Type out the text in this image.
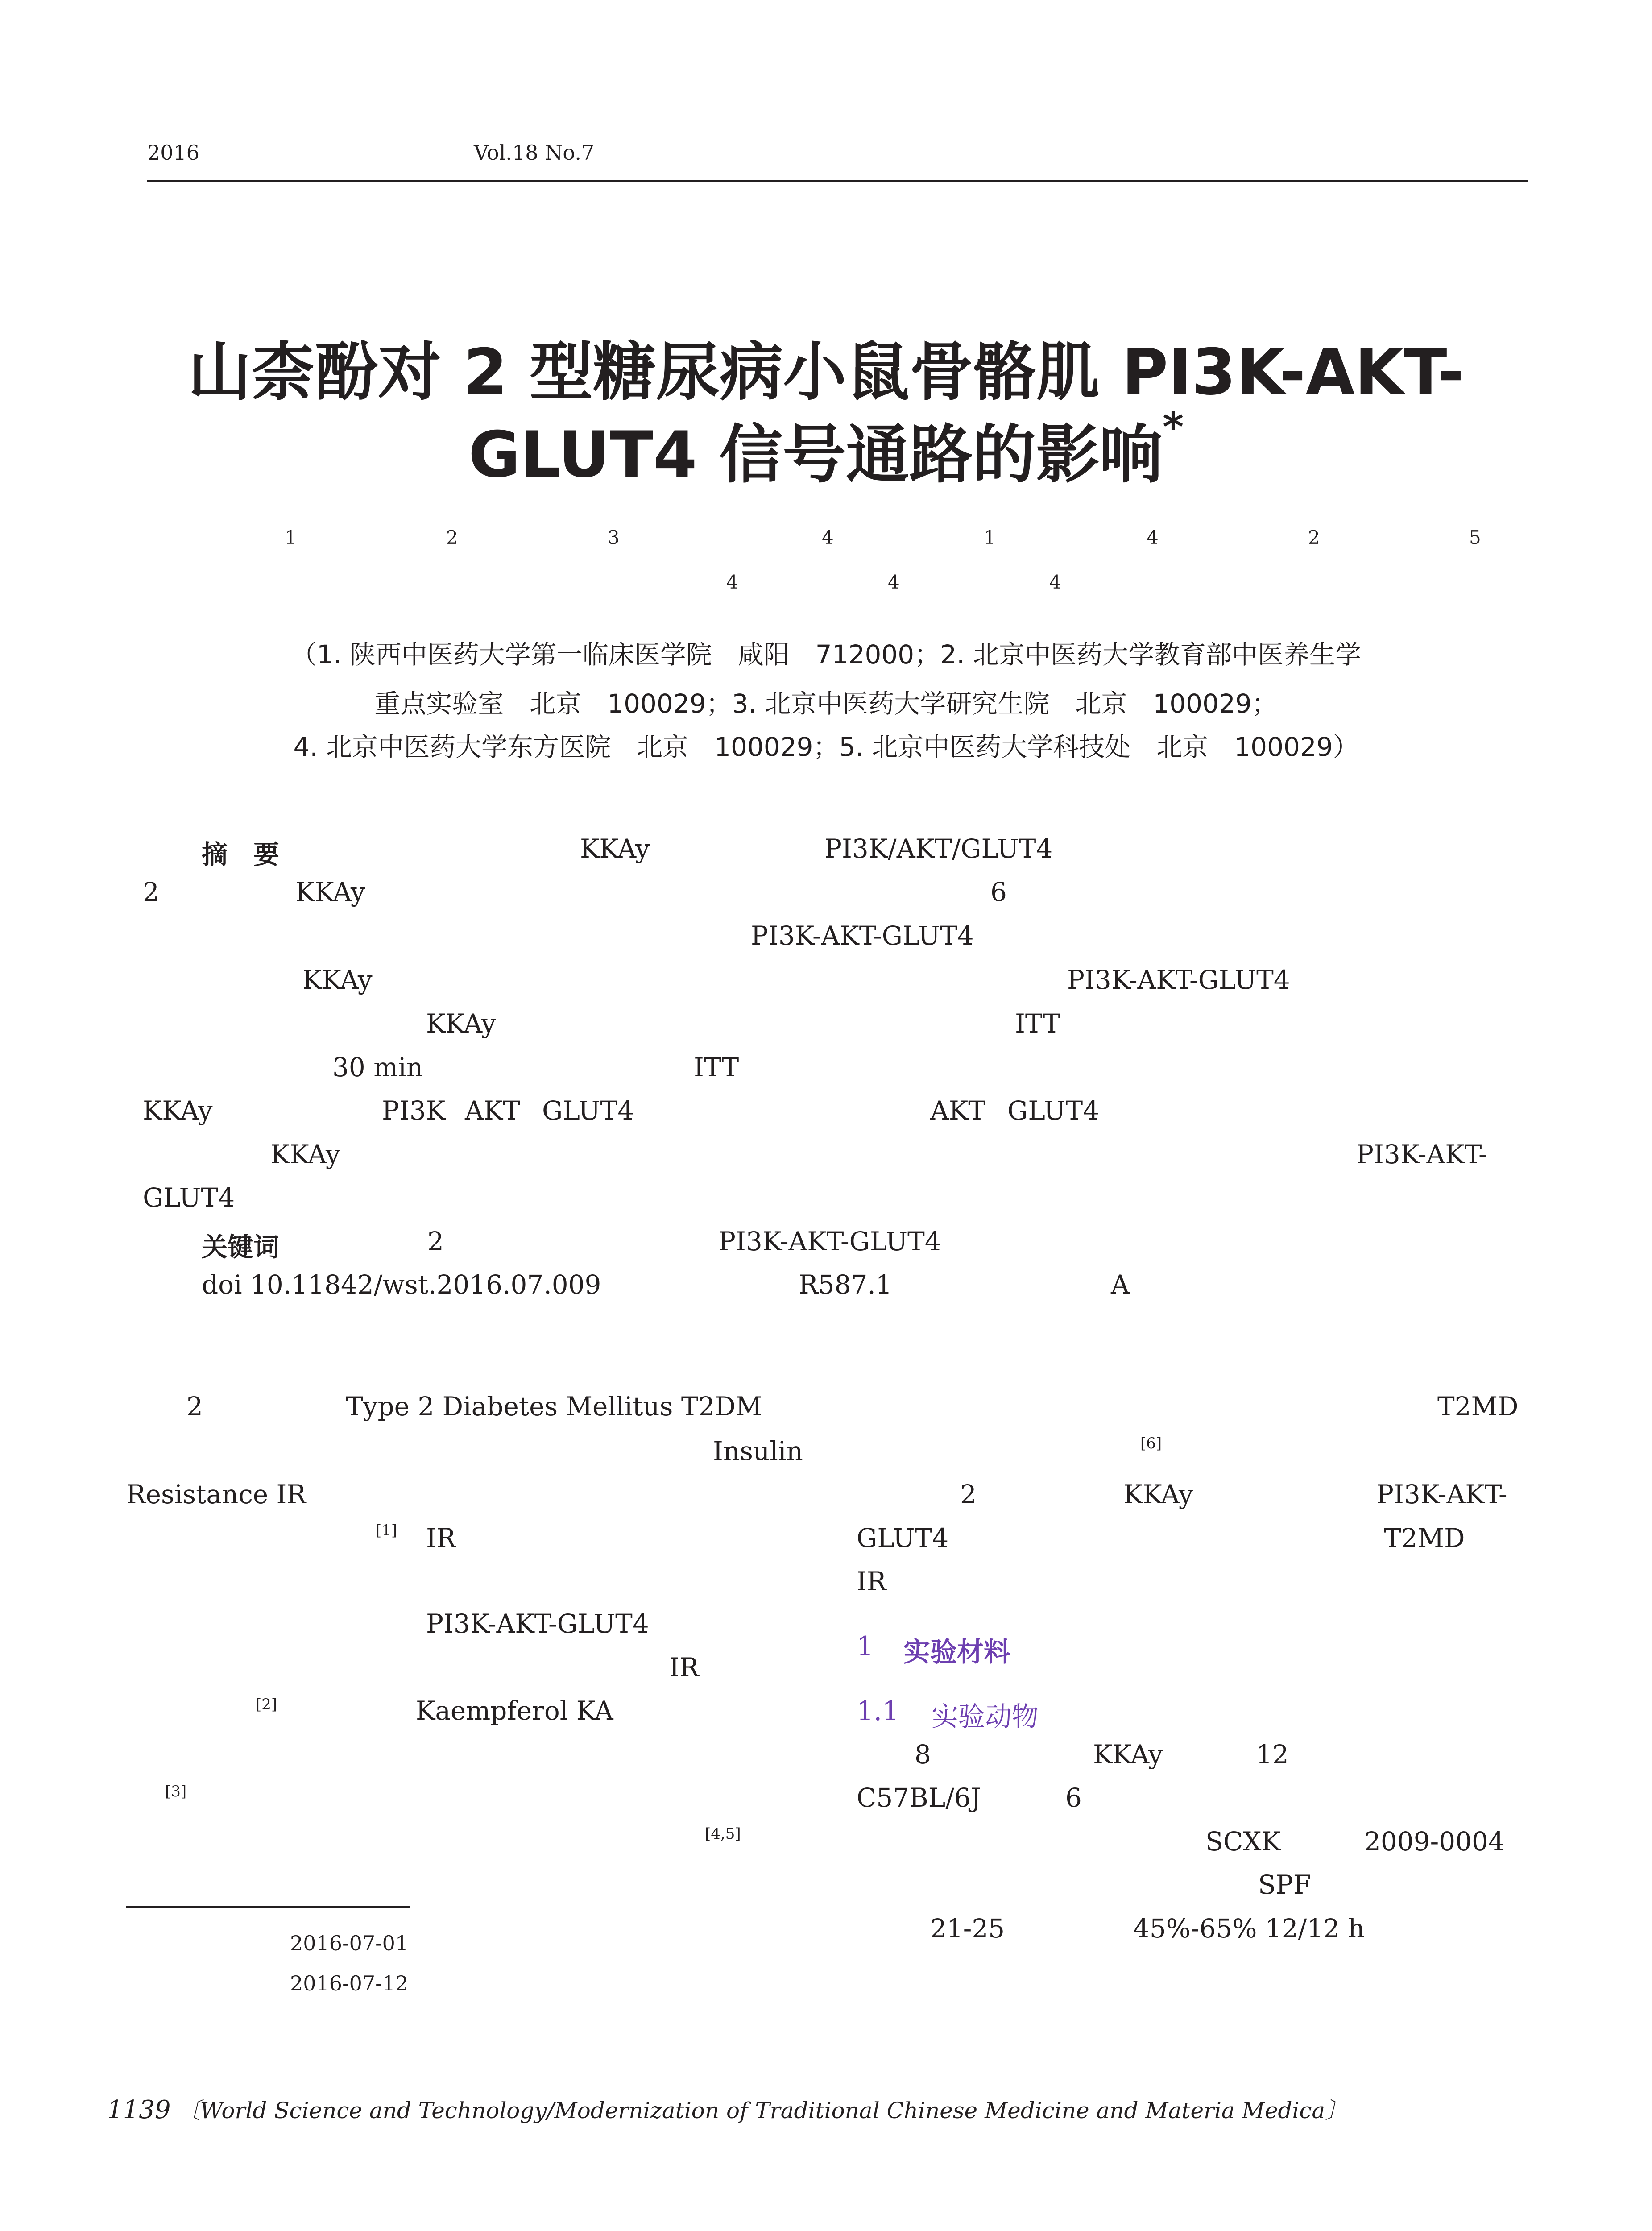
2016	Vol.18 No.7
山柰酚对 2 型糖尿病小鼠骨骼肌 PI3K-AKT-
GLUT4 信号通路的影响*
1	2	3	4	1	4	2	5
4	4	4
（1. 陕西中医药大学第一临床医学院　咸阳　712000；2. 北京中医药大学教育部中医养生学
重点实验室　北京　100029；3. 北京中医药大学研究生院　北京　100029；
4. 北京中医药大学东方医院　北京　100029；5. 北京中医药大学科技处　北京　100029）
摘　要	KKAy	PI3K/AKT/GLUT4
2	KKAy	6
PI3K-AKT-GLUT4
KKAy	PI3K-AKT-GLUT4
KKAy	ITT
30 min	ITT
KKAy	PI3K AKT GLUT4	AKT GLUT4
KKAy	PI3K-AKT-
GLUT4
关键词	2	PI3K-AKT-GLUT4
doi 10.11842/wst.2016.07.009	R587.1	A
2	Type 2 Diabetes Mellitus T2DM
Insulin
Resistance IR
[1] IR
PI3K-AKT-GLUT4
IR
[2]	Kaempferol KA
[3]
[4,5]
T2MD
[6]
2	KKAy	PI3K-AKT-
GLUT4	T2MD
IR
1 实验材料
1.1 实验动物
8	KKAy	12
C57BL/6J	6
SCXK	2009-0004
SPF
21-25	45%-65% 12/12 h
2016-07-01
2016-07-12
1139 〔World Science and Technology/Modernization of Traditional Chinese Medicine and Materia Medica〕
